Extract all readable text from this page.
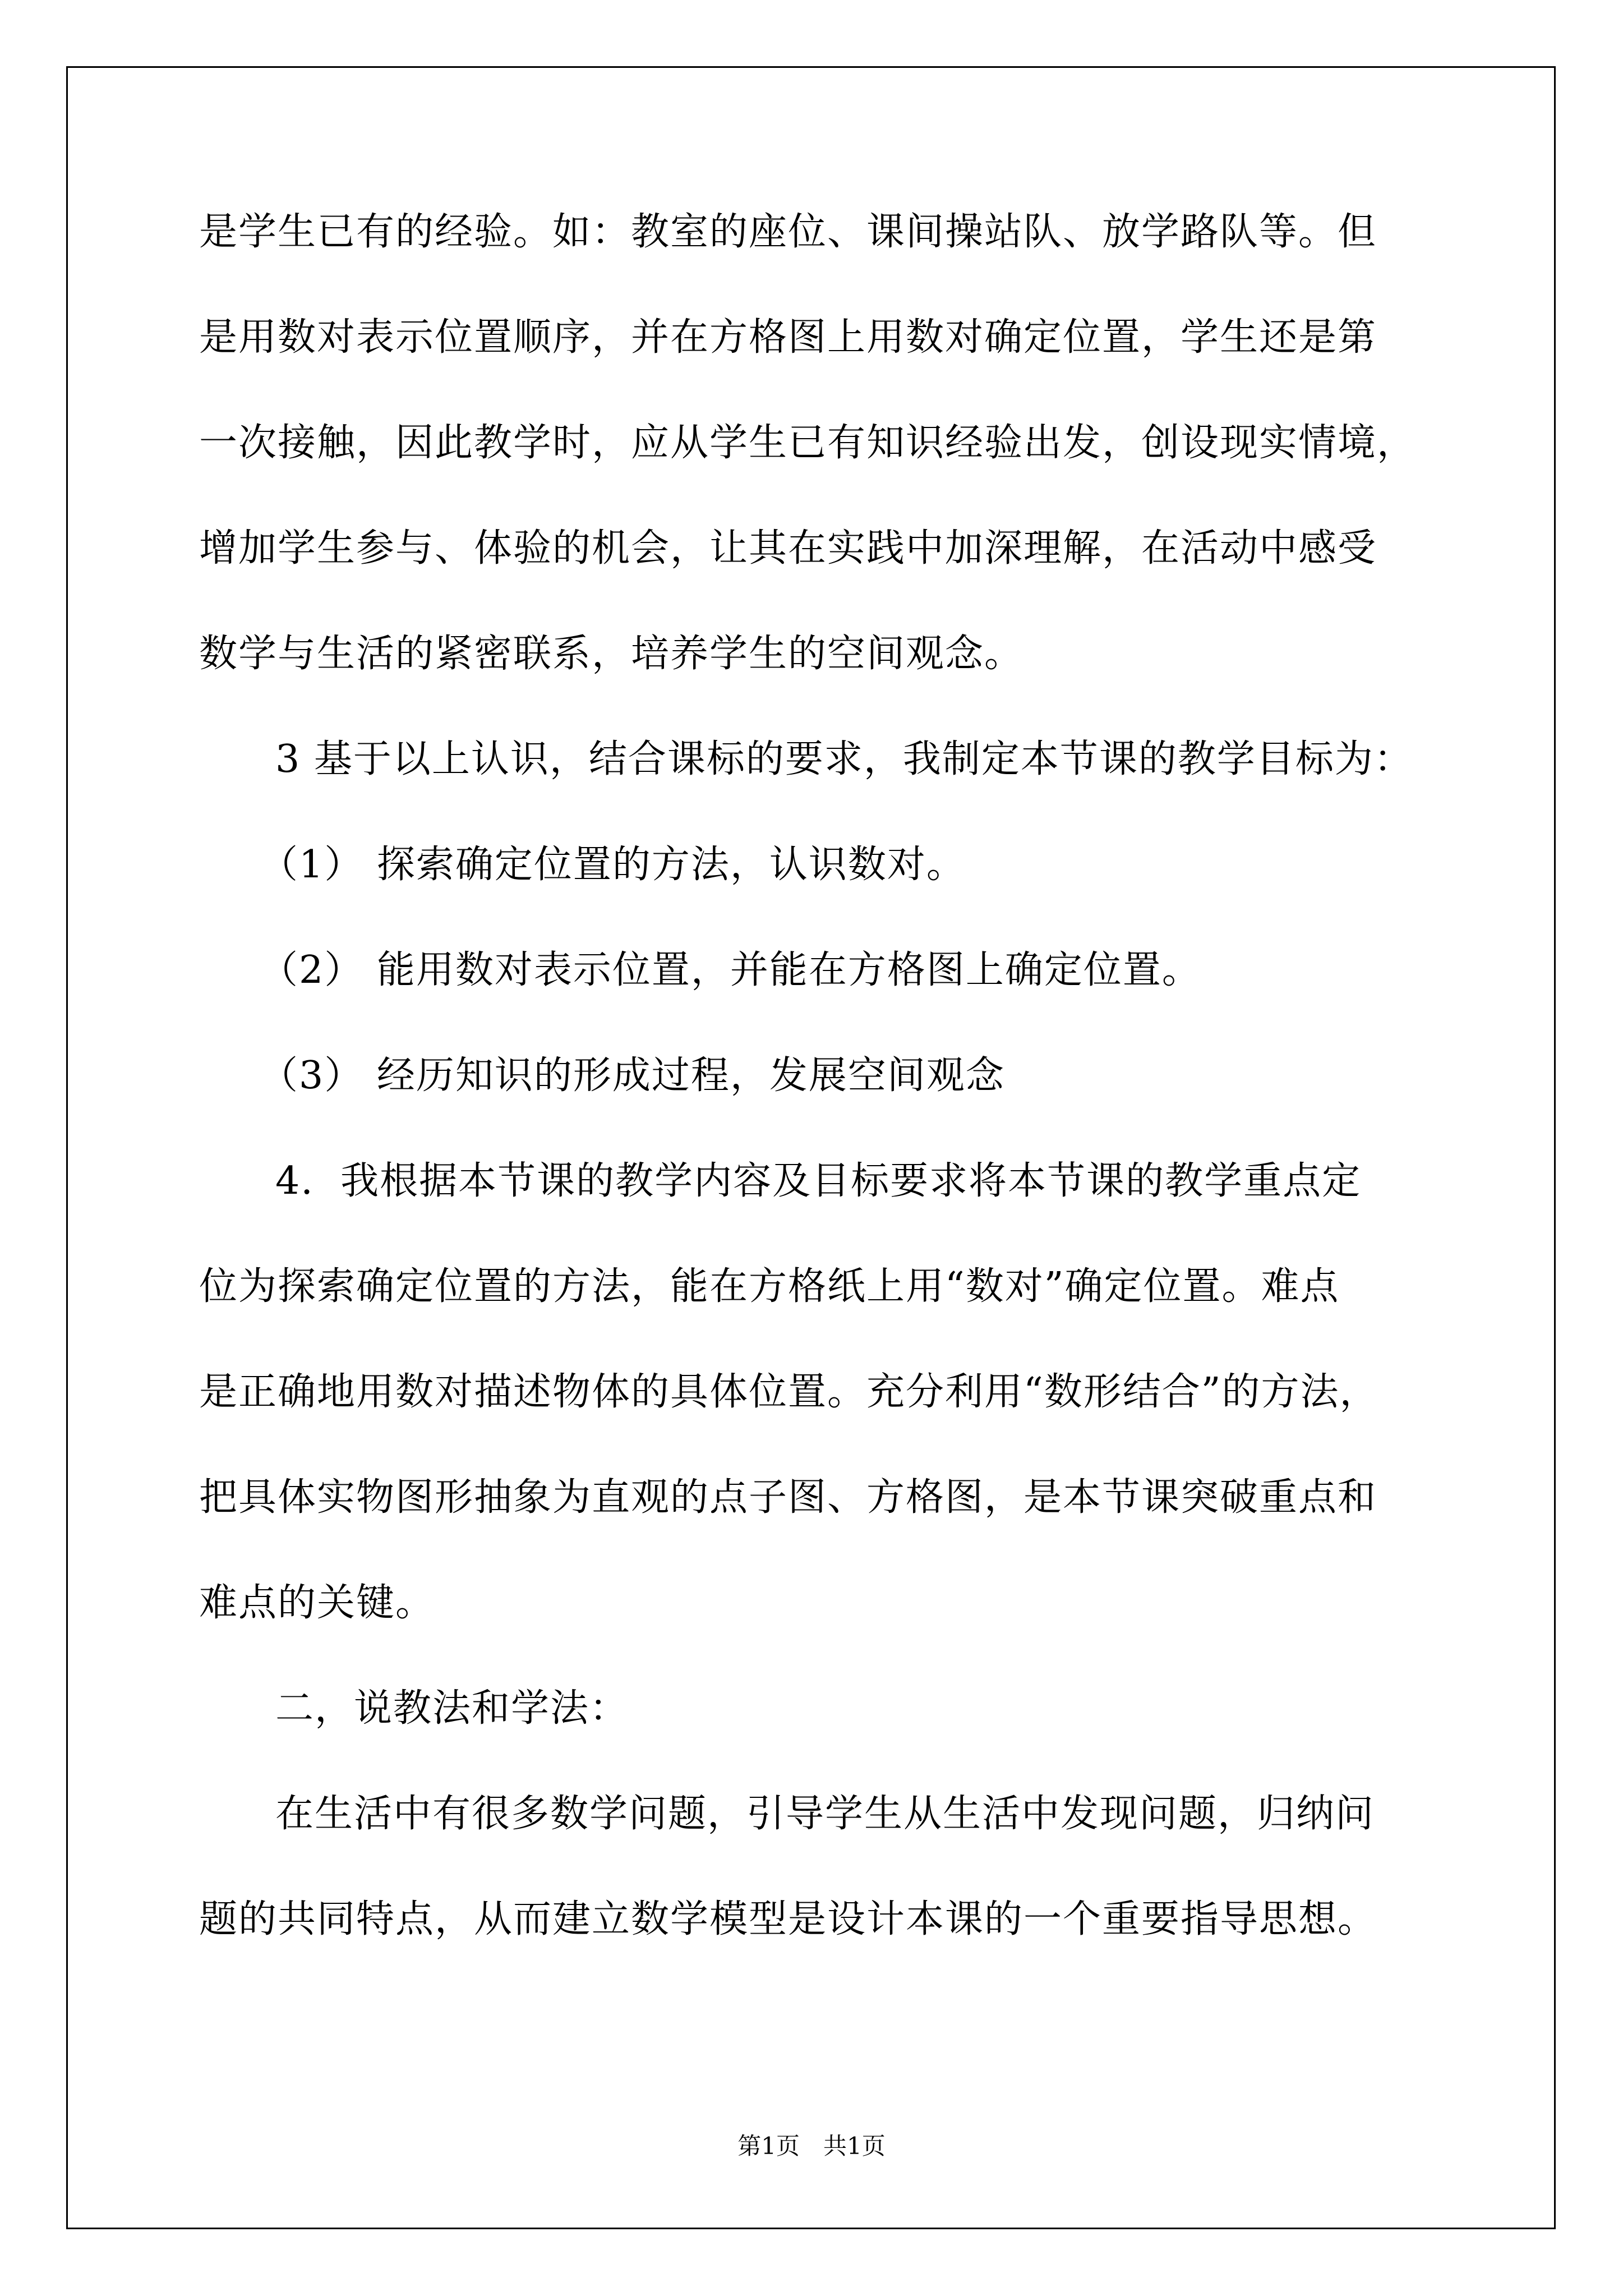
是学生已有的经验。如：教室的座位、课间操站队、放学路队等。但
是用数对表示位置顺序，并在方格图上用数对确定位置，学生还是第
一次接触，因此教学时，应从学生已有知识经验出发，创设现实情境，
增加学生参与、体验的机会，让其在实践中加深理解，在活动中感受
数学与生活的紧密联系，培养学生的空间观念。
3 基于以上认识，结合课标的要求，我制定本节课的教学目标为：
（1） 探索确定位置的方法，认识数对。
（2） 能用数对表示位置，并能在方格图上确定位置。
（3） 经历知识的形成过程，发展空间观念
4.  我根据本节课的教学内容及目标要求将本节课的教学重点定
位为探索确定位置的方法，能在方格纸上用“数对”确定位置。难点
是正确地用数对描述物体的具体位置。充分利用“数形结合”的方法，
把具体实物图形抽象为直观的点子图、方格图，是本节课突破重点和
难点的关键。
二，说教法和学法：
在生活中有很多数学问题，引导学生从生活中发现问题，归纳问
题的共同特点，从而建立数学模型是设计本课的一个重要指导思想。
第1页　共1页
